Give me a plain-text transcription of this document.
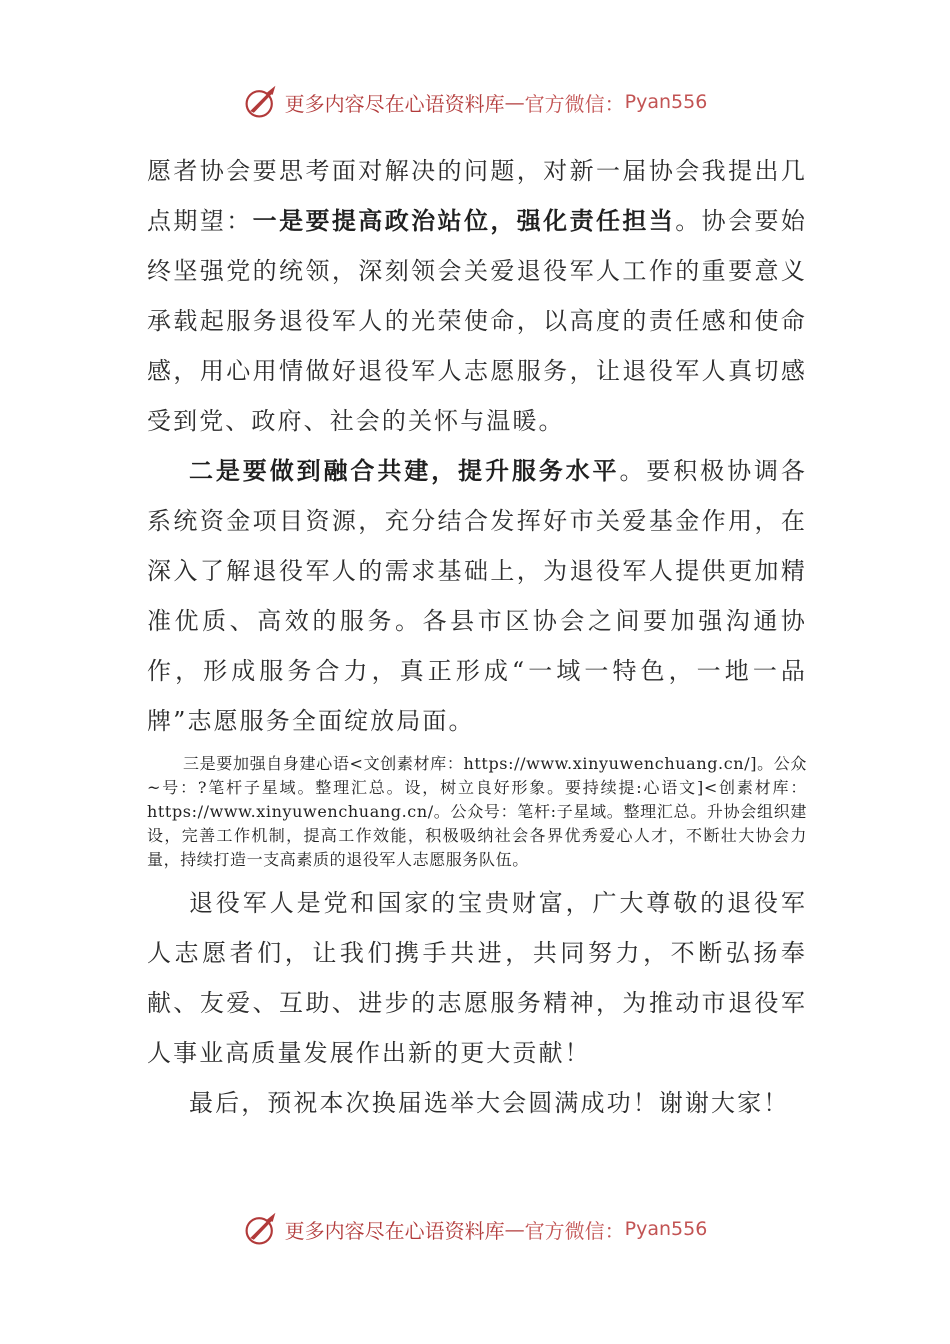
更多内容尽在心语资料库 — 官方微信： Pyan556

愿者协会要思考面对解决的问题，对新一届协会我提出几点期望：一是要提高政治站位，强化责任担当。协会要始终坚强党的统领，深刻领会关爱退役军人工作的重要意义承载起服务退役军人的光荣使命，以高度的责任感和使命感，用心用情做好退役军人志愿服务，让退役军人真切感受到党、政府、社会的关怀与温暖。

二是要做到融合共建，提升服务水平。要积极协调各系统资金项目资源，充分结合发挥好市关爱基金作用，在深入了解退役军人的需求基础上，为退役军人提供更加精准优质、高效的服务。各县市区协会之间要加强沟通协作，形成服务合力，真正形成“一域一特色，一地一品牌”志愿服务全面绽放局面。

三是要加强自身建心语<文创素材库：https://www.xinyuwenchuang.cn/]。公众~号：?笔杆子星域。整理汇总。设，树立良好形象。要持续提:心语文]<创素材库：https://www.xinyuwenchuang.cn/。公众号：笔杆:子星域。整理汇总。升协会组织建设，完善工作机制，提高工作效能，积极吸纳社会各界优秀爱心人才，不断壮大协会力量，持续打造一支高素质的退役军人志愿服务队伍。

退役军人是党和国家的宝贵财富，广大尊敬的退役军人志愿者们，让我们携手共进，共同努力，不断弘扬奉献、友爱、互助、进步的志愿服务精神，为推动市退役军人事业高质量发展作出新的更大贡献！

最后，预祝本次换届选举大会圆满成功！谢谢大家！

更多内容尽在心语资料库 — 官方微信： Pyan556
